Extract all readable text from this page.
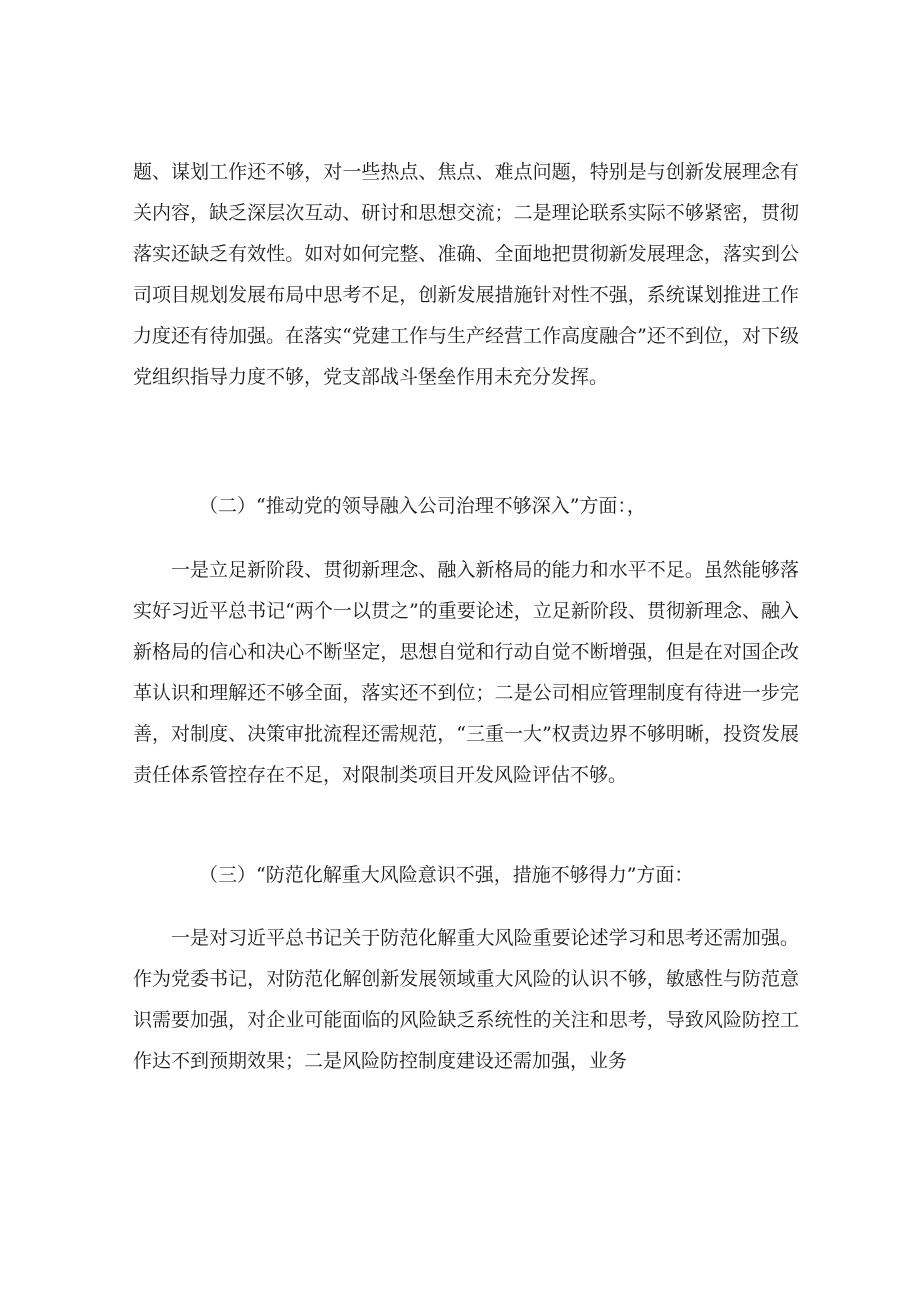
题、谋划工作还不够，对一些热点、焦点、难点问题，特别是与创新发展理念有关内容，缺乏深层次互动、研讨和思想交流；二是理论联系实际不够紧密，贯彻落实还缺乏有效性。如对如何完整、准确、全面地把贯彻新发展理念，落实到公司项目规划发展布局中思考不足，创新发展措施针对性不强，系统谋划推进工作力度还有待加强。在落实“党建工作与生产经营工作高度融合”还不到位，对下级党组织指导力度不够，党支部战斗堡垒作用未充分发挥。

（二）“推动党的领导融入公司治理不够深入”方面：，

一是立足新阶段、贯彻新理念、融入新格局的能力和水平不足。虽然能够落实好习近平总书记“两个一以贯之”的重要论述，立足新阶段、贯彻新理念、融入新格局的信心和决心不断坚定，思想自觉和行动自觉不断增强，但是在对国企改革认识和理解还不够全面，落实还不到位；二是公司相应管理制度有待进一步完善，对制度、决策审批流程还需规范，“三重一大”权责边界不够明晰，投资发展责任体系管控存在不足，对限制类项目开发风险评估不够。

（三）“防范化解重大风险意识不强，措施不够得力”方面：

一是对习近平总书记关于防范化解重大风险重要论述学习和思考还需加强。作为党委书记，对防范化解创新发展领域重大风险的认识不够，敏感性与防范意识需要加强，对企业可能面临的风险缺乏系统性的关注和思考，导致风险防控工作达不到预期效果；二是风险防控制度建设还需加强，业务
